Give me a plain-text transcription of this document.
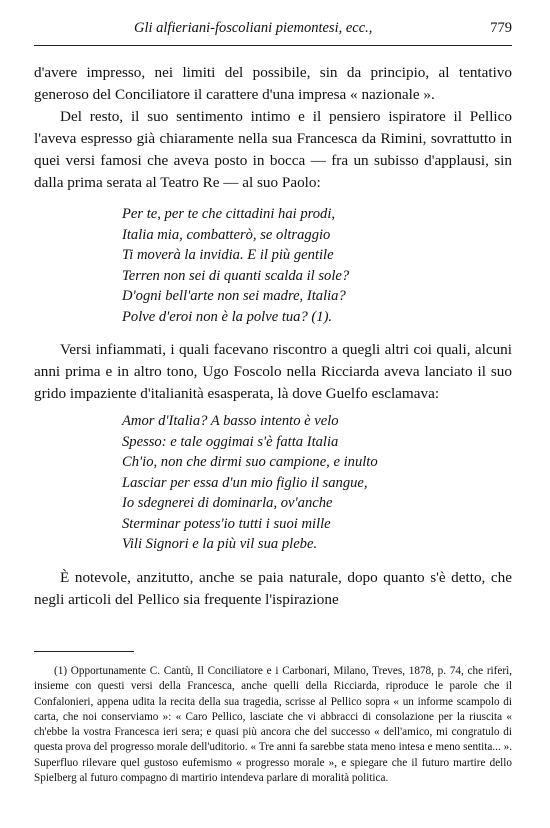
Gli alfieriani-foscoliani piemontesi, ecc.,	779

d'avere impresso, nei limiti del possibile, sin da principio, al tentativo generoso del Conciliatore il carattere d'una impresa « nazionale ».

Del resto, il suo sentimento intimo e il pensiero ispiratore il Pellico l'aveva espresso già chiaramente nella sua Francesca da Rimini, sovrattutto in quei versi famosi che aveva posto in bocca — fra un subisso d'applausi, sin dalla prima serata al Teatro Re — al suo Paolo:

Per te, per te che cittadini hai prodi,
Italia mia, combatterò, se oltraggio
Ti moverà la invidia. E il più gentile
Terren non sei di quanti scalda il sole?
D'ogni bell'arte non sei madre, Italia?
Polve d'eroi non è la polve tua? (1).

Versi infiammati, i quali facevano riscontro a quegli altri coi quali, alcuni anni prima e in altro tono, Ugo Foscolo nella Ricciarda aveva lanciato il suo grido impaziente d'italianità esasperata, là dove Guelfo esclamava:

Amor d'Italia? A basso intento è velo
Spesso: e tale oggimai s'è fatta Italia
Ch'io, non che dirmi suo campione, e inulto
Lasciar per essa d'un mio figlio il sangue,
Io sdegnerei di dominarla, ov'anche
Sterminar potess'io tutti i suoi mille
Vili Signori e la più vil sua plebe.

È notevole, anzitutto, anche se paia naturale, dopo quanto s'è detto, che negli articoli del Pellico sia frequente l'ispirazione

(1) Opportunamente C. Cantù, Il Conciliatore e i Carbonari, Milano, Treves, 1878, p. 74, che riferì, insieme con questi versi della Francesca, anche quelli della Ricciarda, riproduce le parole che il Confalonieri, appena udita la recita della sua tragedia, scrisse al Pellico sopra « un informe scampolo di carta, che noi conserviamo »: « Caro Pellico, lasciate che vi abbracci di consolazione per la riuscita « ch'ebbe la vostra Francesca ieri sera; e quasi più ancora che del successo « dell'amico, mi congratulo di questa prova del progresso morale dell'uditorio. « Tre anni fa sarebbe stata meno intesa e meno sentita... ». Superfluo rilevare quel gustoso eufemismo « progresso morale », e spiegare che il futuro martire dello Spielberg al futuro compagno di martirio intendeva parlare di moralità politica.
